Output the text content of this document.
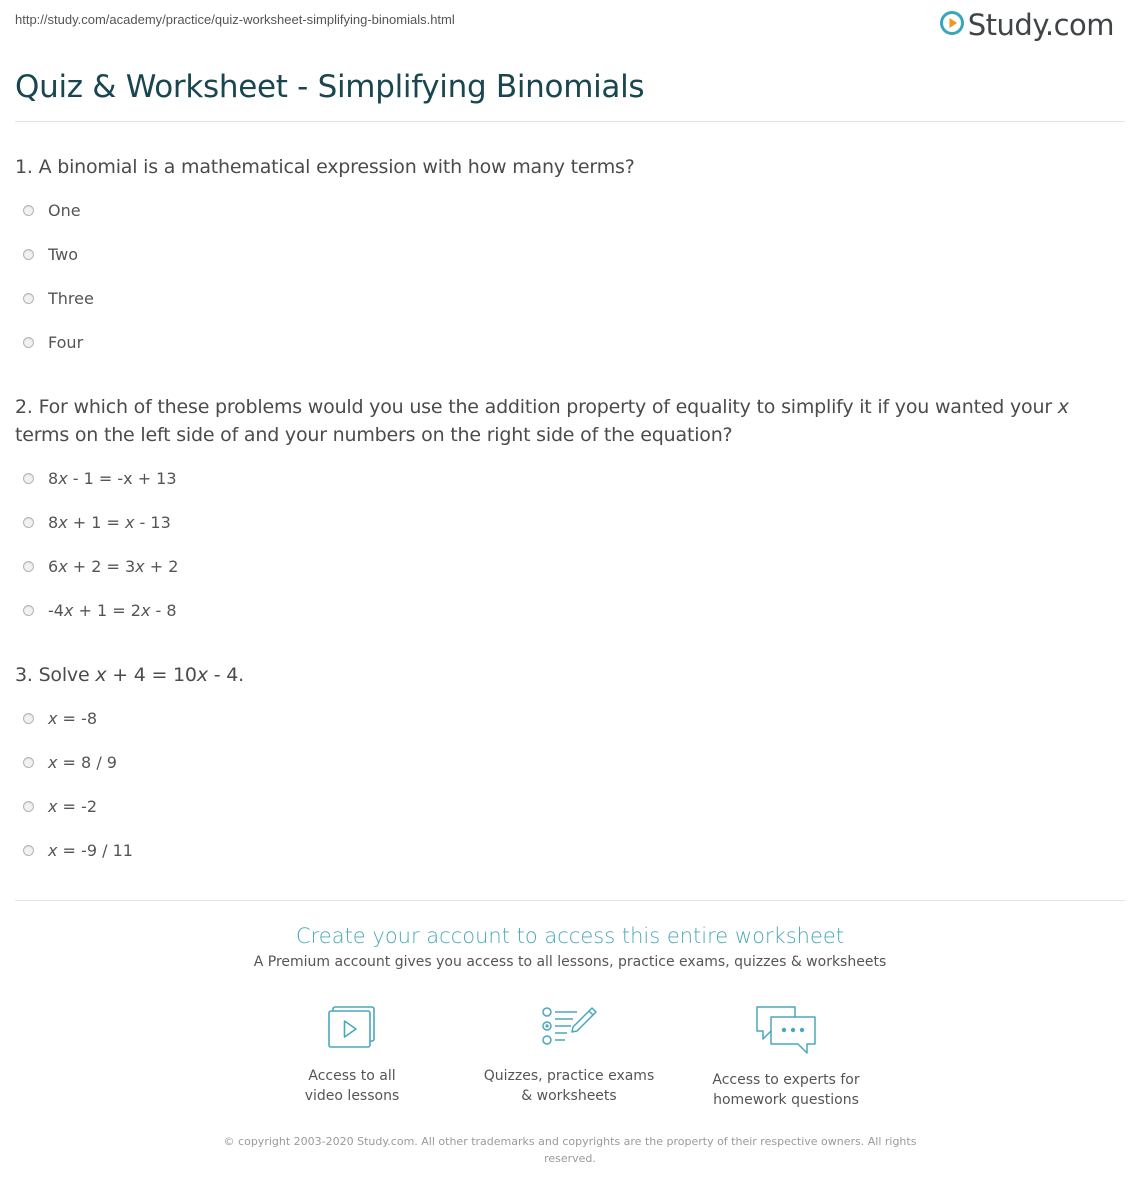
http://study.com/academy/practice/quiz-worksheet-simplifying-binomials.html	Study.com
Quiz & Worksheet - Simplifying Binomials
1. A binomial is a mathematical expression with how many terms?
One
Two
Three
Four
2. For which of these problems would you use the addition property of equality to simplify it if you wanted your x terms on the left side of and your numbers on the right side of the equation?
8x - 1 = -x + 13
8x + 1 = x - 13
6x + 2 = 3x + 2
-4x + 1 = 2x - 8
3. Solve x + 4 = 10x - 4.
x = -8
x = 8 / 9
x = -2
x = -9 / 11
Create your account to access this entire worksheet
A Premium account gives you access to all lessons, practice exams, quizzes & worksheets
Access to all
video lessons
Quizzes, practice exams
& worksheets
Access to experts for
homework questions
© copyright 2003-2020 Study.com. All other trademarks and copyrights are the property of their respective owners. All rights
reserved.
